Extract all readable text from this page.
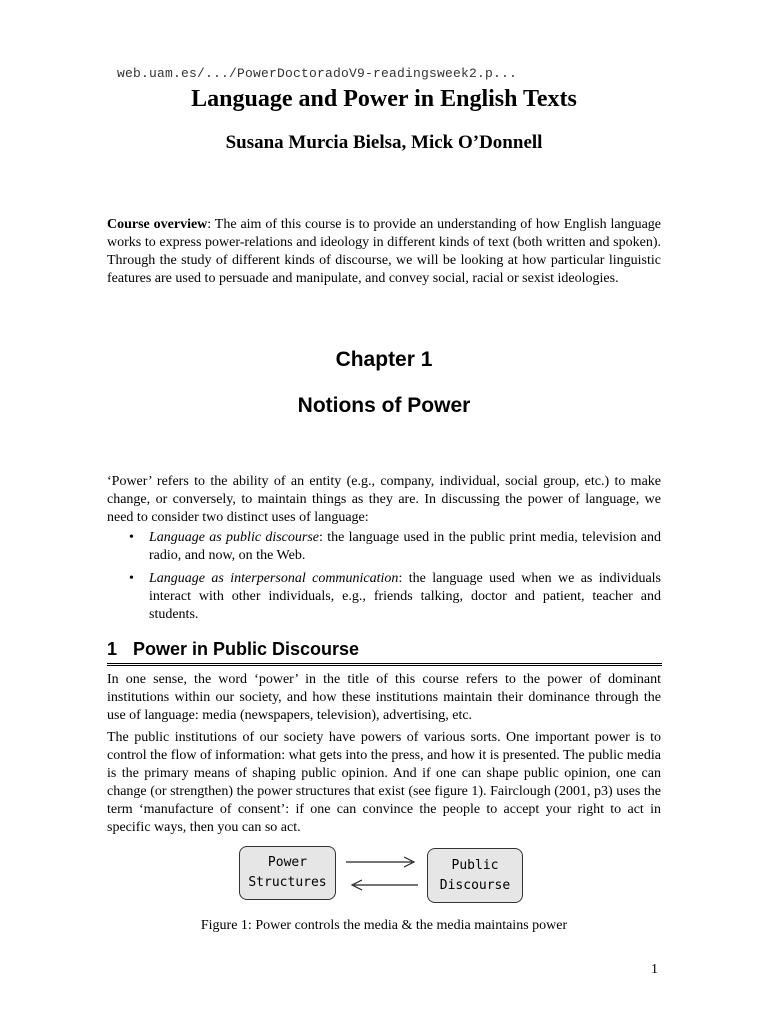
web.uam.es/.../PowerDoctoradoV9-readingsweek2.p...
Language and Power in English Texts
Susana Murcia Bielsa, Mick O’Donnell
Course overview: The aim of this course is to provide an understanding of how English language works to express power-relations and ideology in different kinds of text (both written and spoken). Through the study of different kinds of discourse, we will be looking at how particular linguistic features are used to persuade and manipulate, and convey social, racial or sexist ideologies.
Chapter 1
Notions of Power
‘Power’ refers to the ability of an entity (e.g., company, individual, social group, etc.) to make change, or conversely, to maintain things as they are. In discussing the power of language, we need to consider two distinct uses of language:
• Language as public discourse: the language used in the public print media, television and radio, and now, on the Web.
• Language as interpersonal communication: the language used when we as individuals interact with other individuals, e.g., friends talking, doctor and patient, teacher and students.
1 Power in Public Discourse
In one sense, the word ‘power’ in the title of this course refers to the power of dominant institutions within our society, and how these institutions maintain their dominance through the use of language: media (newspapers, television), advertising, etc.
The public institutions of our society have powers of various sorts. One important power is to control the flow of information: what gets into the press, and how it is presented. The public media is the primary means of shaping public opinion. And if one can shape public opinion, one can change (or strengthen) the power structures that exist (see figure 1). Fairclough (2001, p3) uses the term ‘manufacture of consent’: if one can convince the people to accept your right to act in specific ways, then you can so act.
Power
Structures
Public
Discourse
Figure 1: Power controls the media & the media maintains power
1
